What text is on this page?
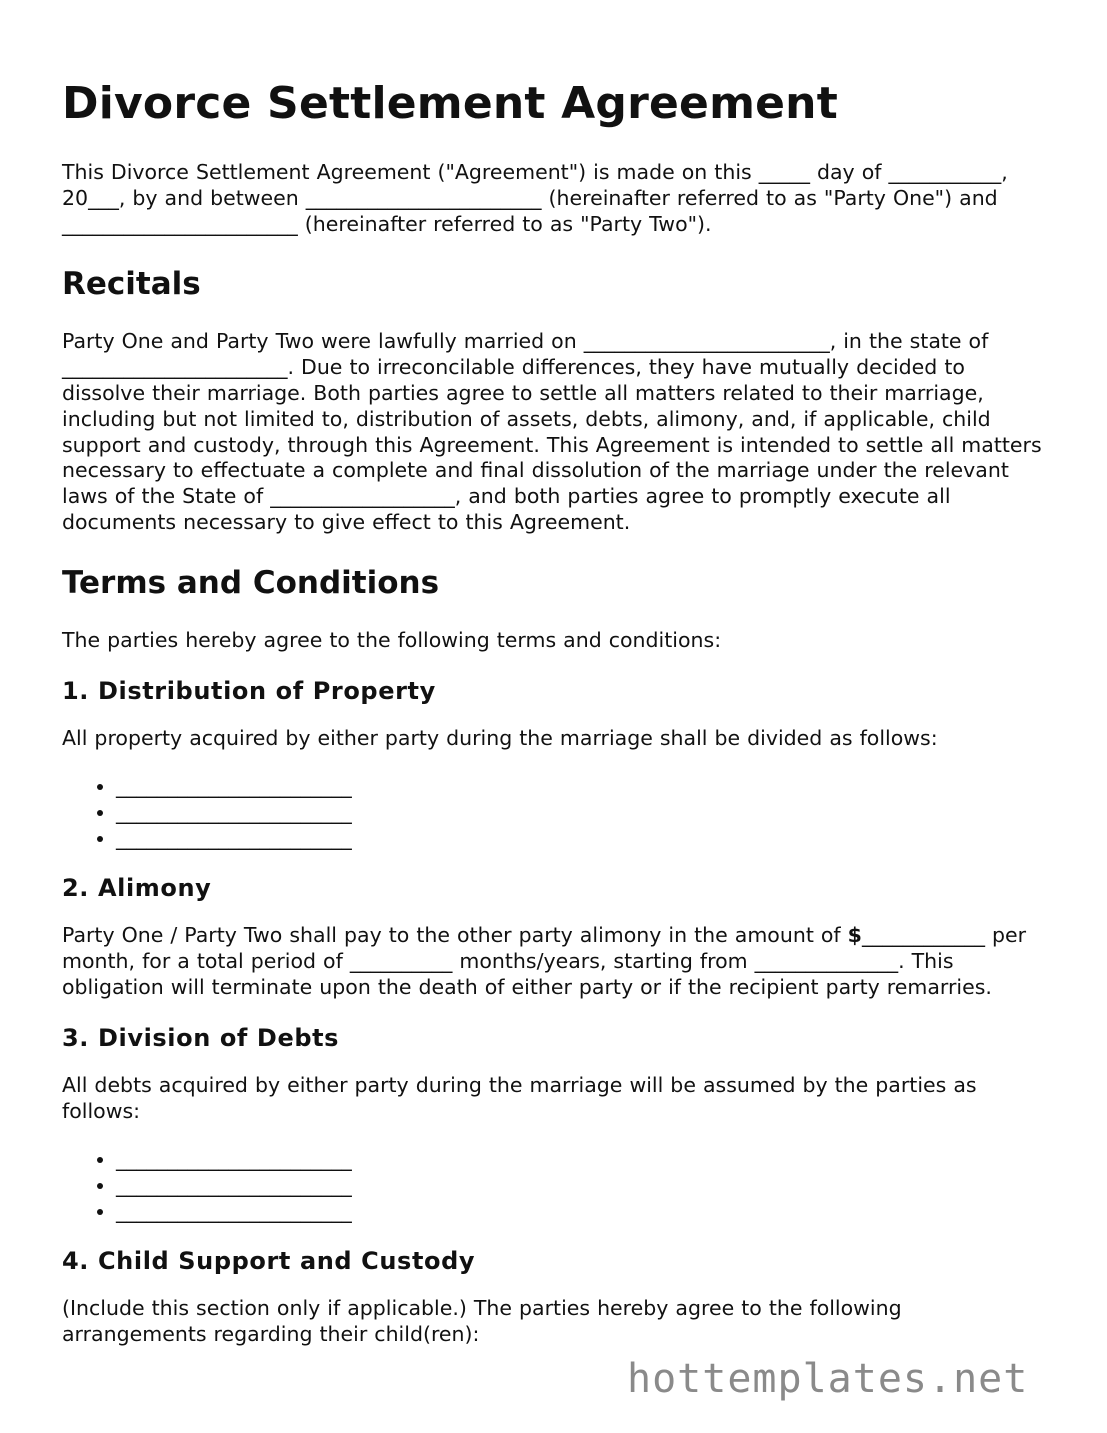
Divorce Settlement Agreement

This Divorce Settlement Agreement ("Agreement") is made on this _____ day of ___________, 20___, by and between _______________________ (hereinafter referred to as "Party One") and _______________________ (hereinafter referred to as "Party Two").

Recitals

Party One and Party Two were lawfully married on ________________________, in the state of ______________________. Due to irreconcilable differences, they have mutually decided to dissolve their marriage. Both parties agree to settle all matters related to their marriage, including but not limited to, distribution of assets, debts, alimony, and, if applicable, child support and custody, through this Agreement. This Agreement is intended to settle all matters necessary to effectuate a complete and final dissolution of the marriage under the relevant laws of the State of __________________, and both parties agree to promptly execute all documents necessary to give effect to this Agreement.

Terms and Conditions

The parties hereby agree to the following terms and conditions:

1. Distribution of Property

All property acquired by either party during the marriage shall be divided as follows:

• _______________________
• _______________________
• _______________________
2. Alimony

Party One / Party Two shall pay to the other party alimony in the amount of $____________ per month, for a total period of __________ months/years, starting from ______________. This obligation will terminate upon the death of either party or if the recipient party remarries.

3. Division of Debts

All debts acquired by either party during the marriage will be assumed by the parties as follows:

• _______________________
• _______________________
• _______________________
4. Child Support and Custody

(Include this section only if applicable.) The parties hereby agree to the following arrangements regarding their child(ren):

hottemplates.net
